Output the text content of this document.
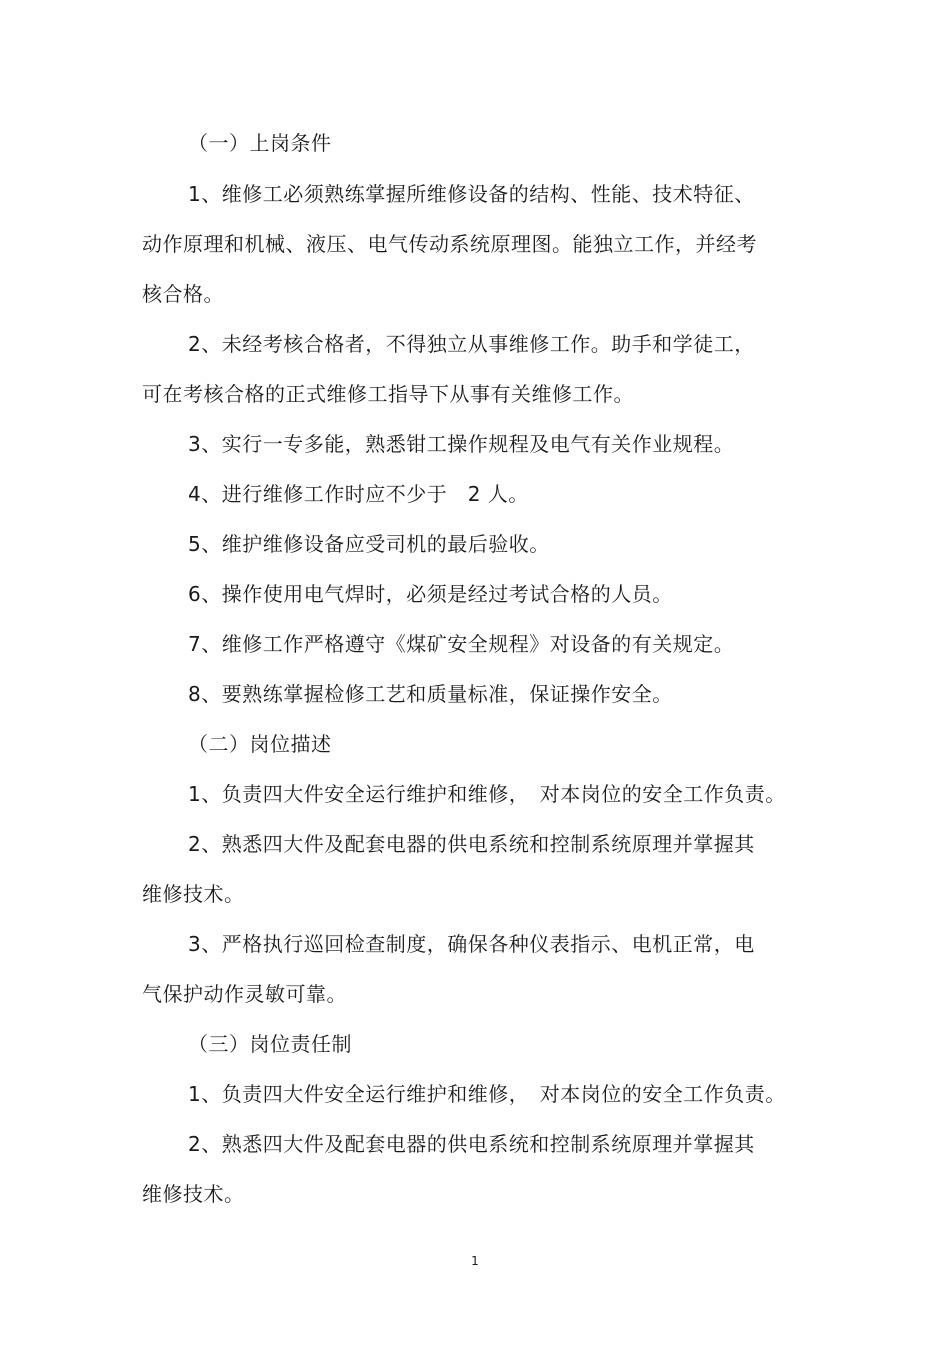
（一）上岗条件
1、维修工必须熟练掌握所维修设备的结构、性能、技术特征、
动作原理和机械、液压、电气传动系统原理图。能独立工作，并经考
核合格。
2、未经考核合格者，不得独立从事维修工作。助手和学徒工，
可在考核合格的正式维修工指导下从事有关维修工作。
3、实行一专多能，熟悉钳工操作规程及电气有关作业规程。
4、进行维修工作时应不少于　2 人。
5、维护维修设备应受司机的最后验收。
6、操作使用电气焊时，必须是经过考试合格的人员。
7、维修工作严格遵守《煤矿安全规程》对设备的有关规定。
8、要熟练掌握检修工艺和质量标准，保证操作安全。
（二）岗位描述
1、负责四大件安全运行维护和维修，　对本岗位的安全工作负责。
2、熟悉四大件及配套电器的供电系统和控制系统原理并掌握其
维修技术。
3、严格执行巡回检查制度，确保各种仪表指示、电机正常，电
气保护动作灵敏可靠。
（三）岗位责任制
1、负责四大件安全运行维护和维修，　对本岗位的安全工作负责。
2、熟悉四大件及配套电器的供电系统和控制系统原理并掌握其
维修技术。
1
